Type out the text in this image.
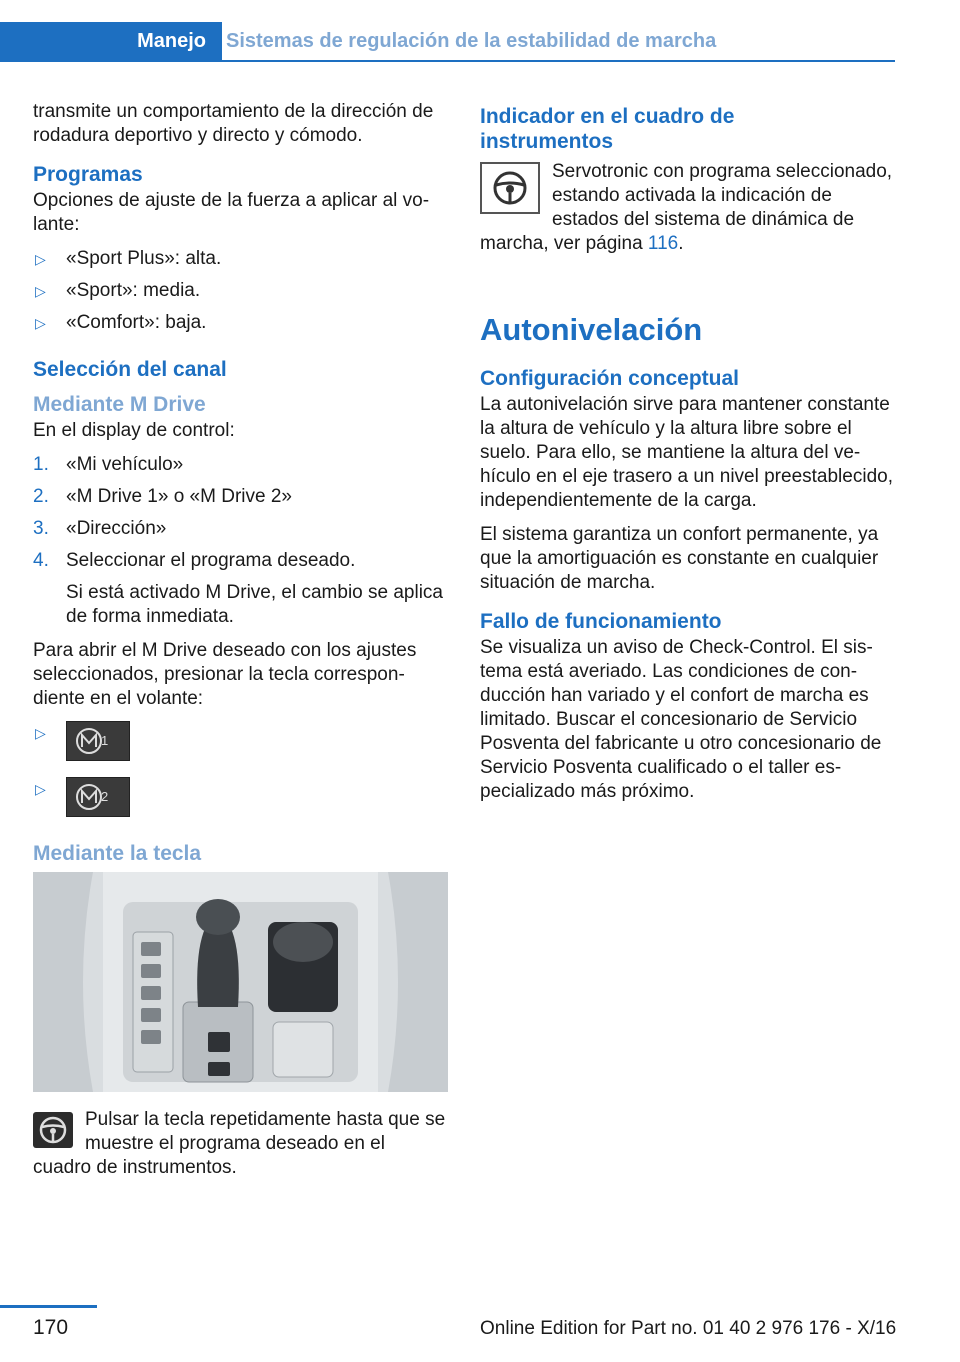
Manejo Sistemas de regulación de la estabilidad de marcha

transmite un comportamiento de la dirección de rodadura deportivo y directo y cómodo.

Programas

Opciones de ajuste de la fuerza a aplicar al volante:

▷ «Sport Plus»: alta.
▷ «Sport»: media.
▷ «Comfort»: baja.
Selección del canal
Mediante M Drive

En el display de control:

1. «Mi vehículo»
2. «M Drive 1» o «M Drive 2»
3. «Dirección»
4. Seleccionar el programa deseado.
Si está activado M Drive, el cambio se aplica de forma inmediata.

Para abrir el M Drive deseado con los ajustes seleccionados, presionar la tecla correspondiente en el volante:

▷	1
▷	2
Mediante la tecla
Pulsar la tecla repetidamente hasta que se muestre el programa deseado en el cuadro de instrumentos.
Indicador en el cuadro de instrumentos
Servotronic con programa seleccionado, estando activada la indicación de estados del sistema de dinámica de marcha, ver página 116.
Autonivelación
Configuración conceptual

La autonivelación sirve para mantener constante la altura de vehículo y la altura libre sobre el suelo. Para ello, se mantiene la altura del vehículo en el eje trasero a un nivel preestablecido, independientemente de la carga.

El sistema garantiza un confort permanente, ya que la amortiguación es constante en cualquier situación de marcha.

Fallo de funcionamiento

Se visualiza un aviso de Check-Control. El sistema está averiado. Las condiciones de conducción han variado y el confort de marcha es limitado. Buscar el concesionario de Servicio Posventa del fabricante u otro concesionario de Servicio Posventa cualificado o el taller especializado más próximo.

170	Online Edition for Part no. 01 40 2 976 176 - X/16
